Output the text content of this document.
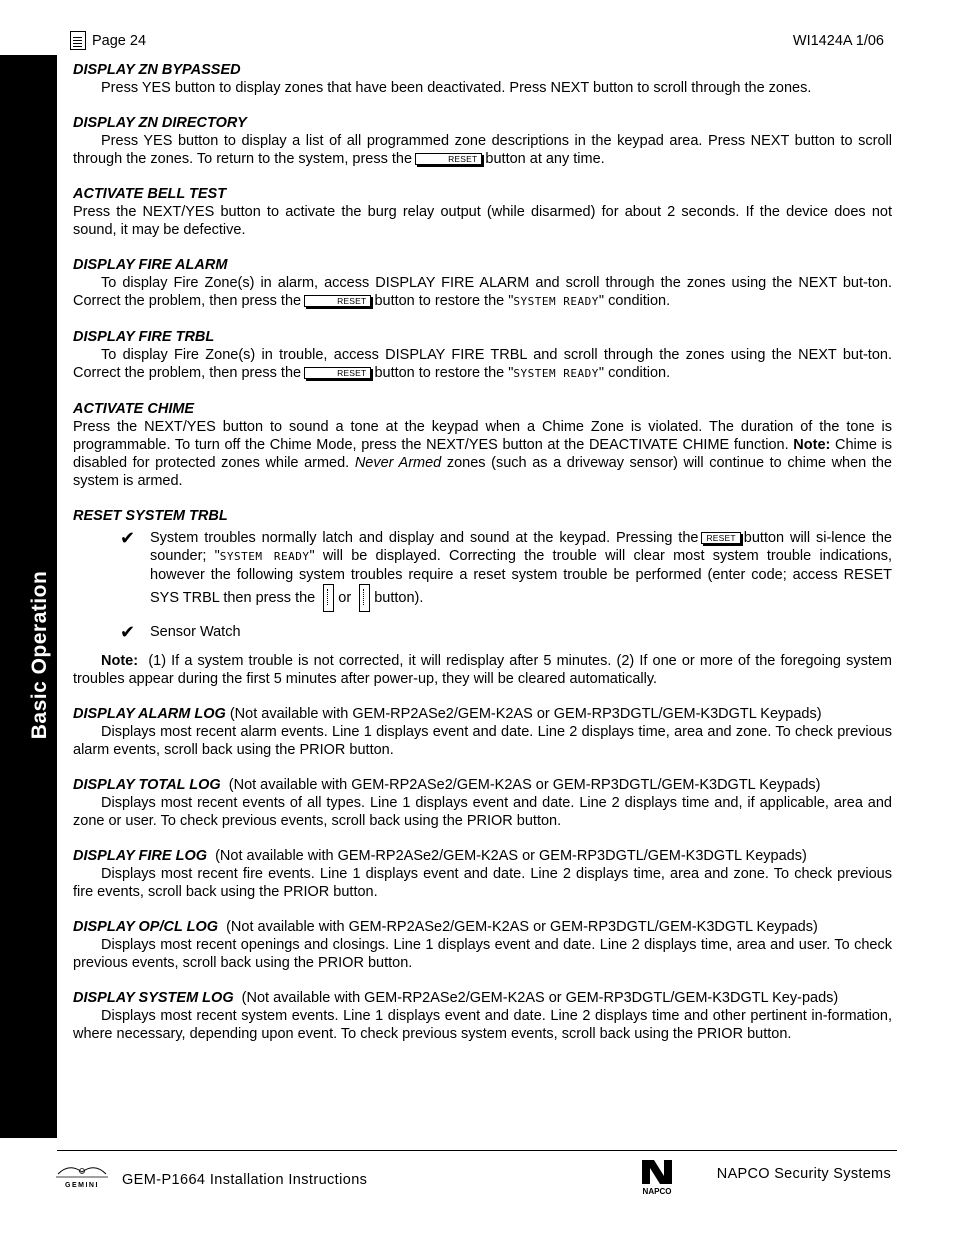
Basic Operation
Page 24	WI1424A 1/06

DISPLAY ZN BYPASSED

Press YES button to display zones that have been deactivated. Press NEXT button to scroll through the zones.

DISPLAY ZN DIRECTORY

Press YES button to display a list of all programmed zone descriptions in the keypad area. Press NEXT button to scroll through the zones. To return to the system, press the	RESET button at any time.

ACTIVATE BELL TEST

Press the NEXT/YES button to activate the burg relay output (while disarmed) for about 2 seconds. If the device does not sound, it may be defective.

DISPLAY FIRE ALARM

To display Fire Zone(s) in alarm, access DISPLAY FIRE ALARM and scroll through the zones using the NEXT but-ton. Correct the problem, then press the	RESET button to restore the "SYSTEM READY" condition.

DISPLAY FIRE TRBL

To display Fire Zone(s) in trouble, access DISPLAY FIRE TRBL and scroll through the zones using the NEXT but-ton. Correct the problem, then press the	RESET button to restore the "SYSTEM READY" condition.

ACTIVATE CHIME

Press the NEXT/YES button to sound a tone at the keypad when a Chime Zone is violated. The duration of the tone is programmable. To turn off the Chime Mode, press the NEXT/YES button at the DEACTIVATE CHIME function. Note: Chime is disabled for protected zones while armed. Never Armed zones (such as a driveway sensor) will continue to chime when the system is armed.

RESET SYSTEM TRBL

✔ System troubles normally latch and display and sound at the keypad. Pressing the RESET button will si-lence the sounder; "SYSTEM READY" will be displayed. Correcting the trouble will clear most system trouble indications, however the following system troubles require a reset system trouble be performed (enter code; access RESET SYS TRBL then press the or button).
✔ Sensor Watch

Note: (1) If a system trouble is not corrected, it will redisplay after 5 minutes. (2) If one or more of the foregoing system troubles appear during the first 5 minutes after power-up, they will be cleared automatically.

DISPLAY ALARM LOG (Not available with GEM-RP2ASe2/GEM-K2AS or GEM-RP3DGTL/GEM-K3DGTL Keypads)

Displays most recent alarm events. Line 1 displays event and date. Line 2 displays time, area and zone. To check previous alarm events, scroll back using the PRIOR button.

DISPLAY TOTAL LOG (Not available with GEM-RP2ASe2/GEM-K2AS or GEM-RP3DGTL/GEM-K3DGTL Keypads)

Displays most recent events of all types. Line 1 displays event and date. Line 2 displays time and, if applicable, area and zone or user. To check previous events, scroll back using the PRIOR button.

DISPLAY FIRE LOG (Not available with GEM-RP2ASe2/GEM-K2AS or GEM-RP3DGTL/GEM-K3DGTL Keypads)

Displays most recent fire events. Line 1 displays event and date. Line 2 displays time, area and zone. To check previous fire events, scroll back using the PRIOR button.

DISPLAY OP/CL LOG (Not available with GEM-RP2ASe2/GEM-K2AS or GEM-RP3DGTL/GEM-K3DGTL Keypads)

Displays most recent openings and closings. Line 1 displays event and date. Line 2 displays time, area and user. To check previous events, scroll back using the PRIOR button.

DISPLAY SYSTEM LOG (Not available with GEM-RP2ASe2/GEM-K2AS or GEM-RP3DGTL/GEM-K3DGTL Key-pads)

Displays most recent system events. Line 1 displays event and date. Line 2 displays time and other pertinent in-formation, where necessary, depending upon event. To check previous system events, scroll back using the PRIOR button.

GEMINI GEM-P1664 Installation Instructions
NAPCO
NAPCO Security Systems
